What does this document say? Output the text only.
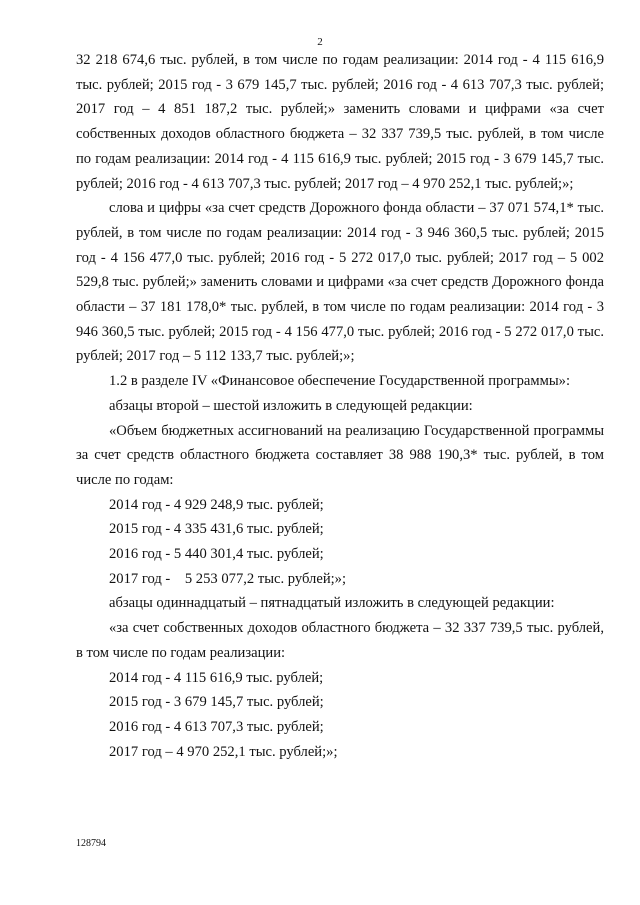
2

32 218 674,6 тыс. рублей, в том числе по годам реализации: 2014 год - 4 115 616,9 тыс. рублей; 2015 год - 3 679 145,7 тыс. рублей; 2016 год - 4 613 707,3 тыс. рублей; 2017 год – 4 851 187,2 тыс. рублей;» заменить словами и цифрами «за счет собственных доходов областного бюджета – 32 337 739,5 тыс. рублей, в том числе по годам реализации: 2014 год - 4 115 616,9 тыс. рублей; 2015 год - 3 679 145,7 тыс. рублей; 2016 год - 4 613 707,3 тыс. рублей; 2017 год – 4 970 252,1 тыс. рублей;»;

слова и цифры «за счет средств Дорожного фонда области – 37 071 574,1* тыс. рублей, в том числе по годам реализации: 2014 год - 3 946 360,5 тыс. рублей; 2015 год - 4 156 477,0 тыс. рублей; 2016 год - 5 272 017,0 тыс. рублей; 2017 год – 5 002 529,8 тыс. рублей;» заменить словами и цифрами «за счет средств Дорожного фонда области – 37 181 178,0* тыс. рублей, в том числе по годам реализации: 2014 год - 3 946 360,5 тыс. рублей; 2015 год - 4 156 477,0 тыс. рублей; 2016 год - 5 272 017,0 тыс. рублей; 2017 год – 5 112 133,7 тыс. рублей;»;

1.2 в разделе IV «Финансовое обеспечение Государственной программы»:

абзацы второй – шестой изложить в следующей редакции:

«Объем бюджетных ассигнований на реализацию Государственной программы за счет средств областного бюджета составляет 38 988 190,3* тыс. рублей, в том числе по годам:

2014 год - 4 929 248,9 тыс. рублей;

2015 год - 4 335 431,6 тыс. рублей;

2016 год - 5 440 301,4 тыс. рублей;

2017 год -    5 253 077,2 тыс. рублей;»;

абзацы одиннадцатый – пятнадцатый изложить в следующей редакции:

«за счет собственных доходов областного бюджета – 32 337 739,5 тыс. рублей, в том числе по годам реализации:

2014 год - 4 115 616,9 тыс. рублей;

2015 год - 3 679 145,7 тыс. рублей;

2016 год - 4 613 707,3 тыс. рублей;

2017 год – 4 970 252,1 тыс. рублей;»;

128794
